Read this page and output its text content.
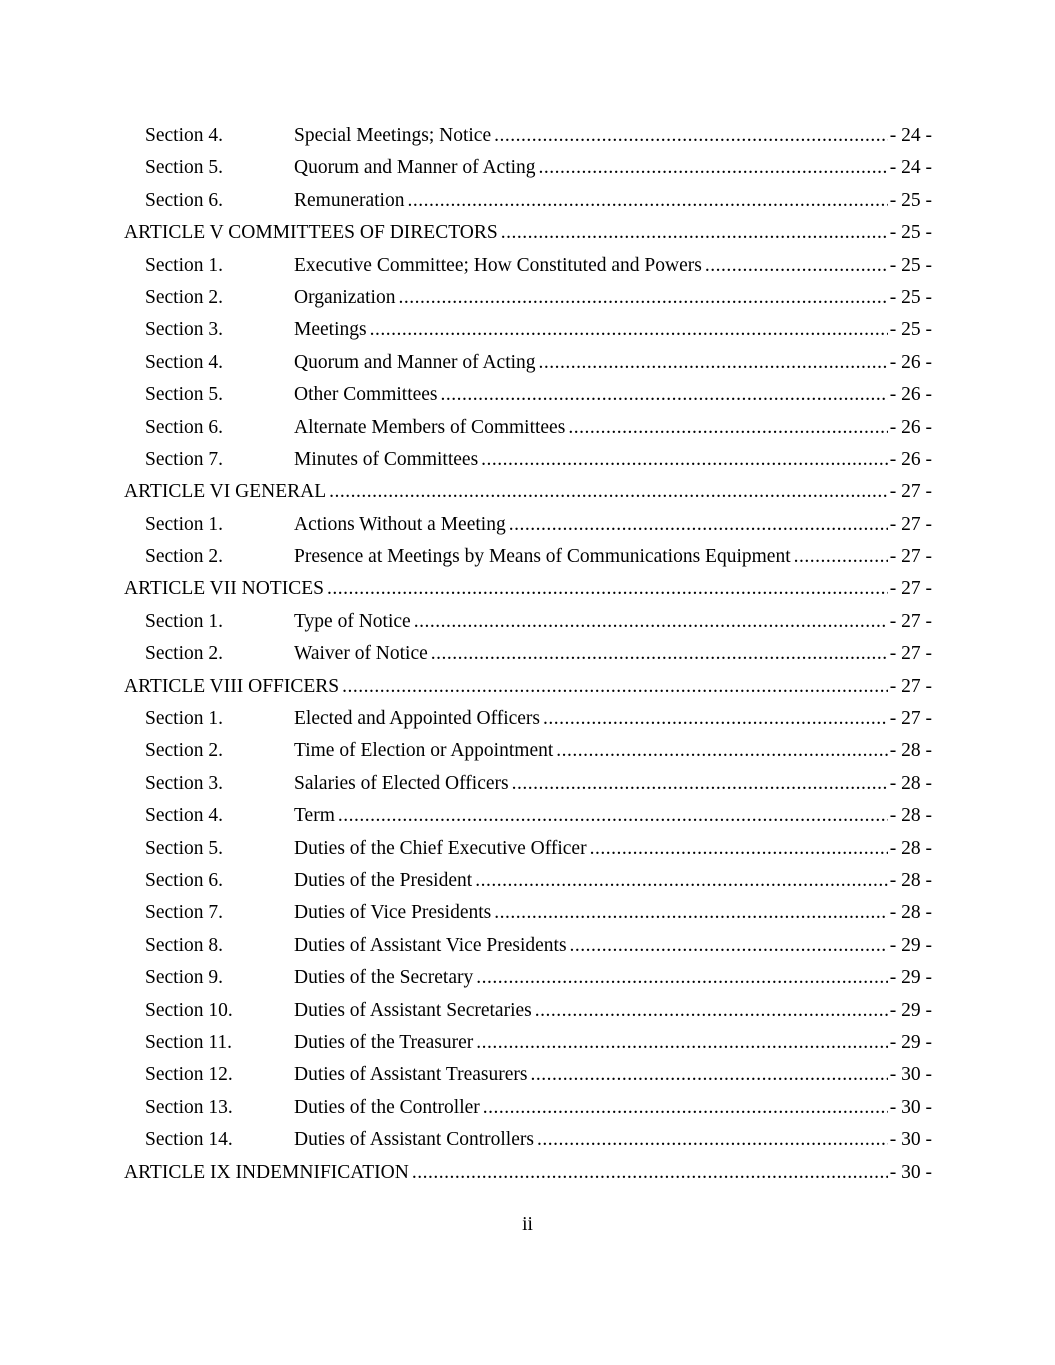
Section 4.	Special Meetings; Notice .....	- 24 -
Section 5.	Quorum and Manner of Acting .....	- 24 -
Section 6.	Remuneration .....	- 25 -
ARTICLE V COMMITTEES OF DIRECTORS .....	- 25 -
Section 1.	Executive Committee; How Constituted and Powers .....	- 25 -
Section 2.	Organization .....	- 25 -
Section 3.	Meetings .....	- 25 -
Section 4.	Quorum and Manner of Acting .....	- 26 -
Section 5.	Other Committees .....	- 26 -
Section 6.	Alternate Members of Committees .....	- 26 -
Section 7.	Minutes of Committees .....	- 26 -
ARTICLE VI GENERAL .....	- 27 -
Section 1.	Actions Without a Meeting .....	- 27 -
Section 2.	Presence at Meetings by Means of Communications Equipment .....	- 27 -
ARTICLE VII NOTICES .....	- 27 -
Section 1.	Type of Notice .....	- 27 -
Section 2.	Waiver of Notice .....	- 27 -
ARTICLE VIII OFFICERS .....	- 27 -
Section 1.	Elected and Appointed Officers .....	- 27 -
Section 2.	Time of Election or Appointment .....	- 28 -
Section 3.	Salaries of Elected Officers .....	- 28 -
Section 4.	Term .....	- 28 -
Section 5.	Duties of the Chief Executive Officer .....	- 28 -
Section 6.	Duties of the President .....	- 28 -
Section 7.	Duties of Vice Presidents .....	- 28 -
Section 8.	Duties of Assistant Vice Presidents .....	- 29 -
Section 9.	Duties of the Secretary .....	- 29 -
Section 10.	Duties of Assistant Secretaries .....	- 29 -
Section 11.	Duties of the Treasurer .....	- 29 -
Section 12.	Duties of Assistant Treasurers .....	- 30 -
Section 13.	Duties of the Controller .....	- 30 -
Section 14.	Duties of Assistant Controllers .....	- 30 -
ARTICLE IX INDEMNIFICATION .....	- 30 -
ii
